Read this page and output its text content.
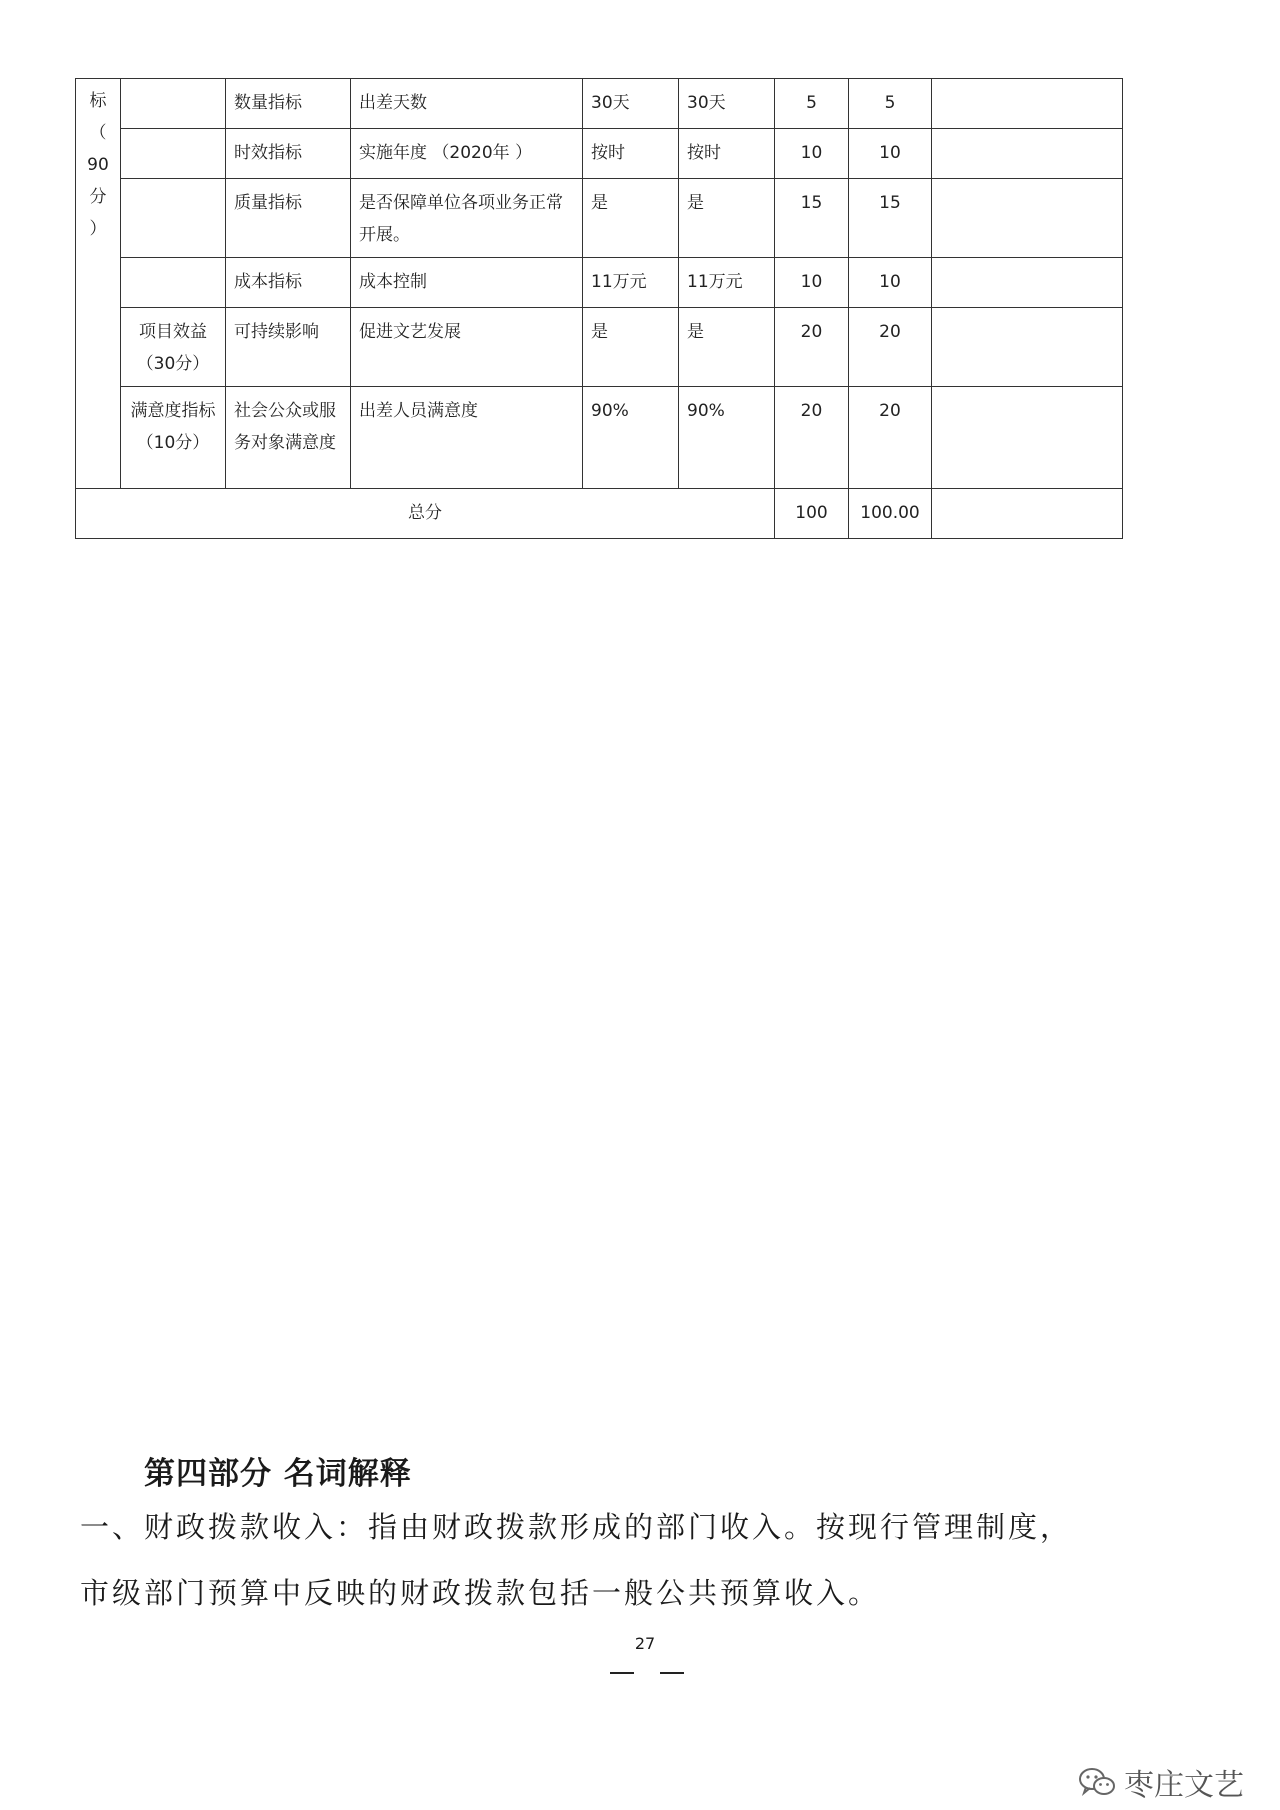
标
（
90
分
）		数量指标	出差天数	30天	30天	5	5	
		时效指标	实施年度 （2020年 ）	按时	按时	10	10	
		质量指标	是否保障单位各项业务正常开展。	是	是	15	15	
		成本指标	成本控制	11万元	11万元	10	10	
	项目效益（30分）	可持续影响	促进文艺发展	是	是	20	20	
	满意度指标（10分）	社会公众或服务对象满意度	出差人员满意度	90%	90%	20	20	
总分						100	100.00	
第四部分 名词解释
一、财政拨款收入：指由财政拨款形成的部门收入。按现行管理制度，
市级部门预算中反映的财政拨款包括一般公共预算收入。
27
枣庄文艺
